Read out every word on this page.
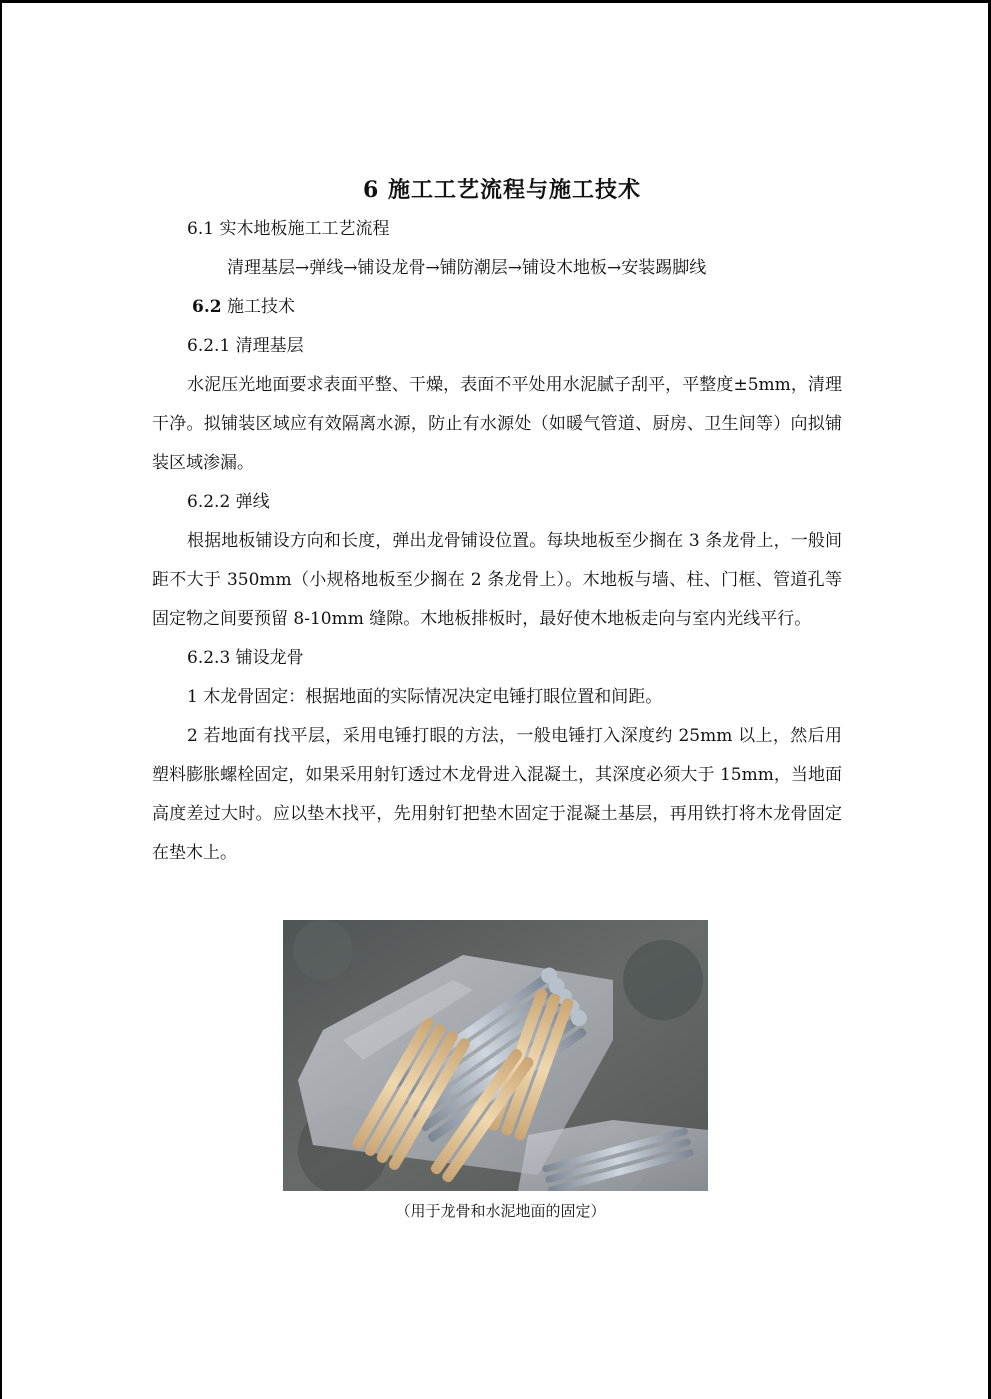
6 施工工艺流程与施工技术

6.1 实木地板施工工艺流程

清理基层→弹线→铺设龙骨→铺防潮层→铺设木地板→安装踢脚线

6.2 施工技术

6.2.1 清理基层

水泥压光地面要求表面平整、干燥，表面不平处用水泥腻子刮平，平整度±5mm，清理干净。拟铺装区域应有效隔离水源，防止有水源处（如暖气管道、厨房、卫生间等）向拟铺装区域渗漏。

6.2.2 弹线

根据地板铺设方向和长度，弹出龙骨铺设位置。每块地板至少搁在 3 条龙骨上，一般间距不大于 350mm（小规格地板至少搁在 2 条龙骨上）。木地板与墙、柱、门框、管道孔等固定物之间要预留 8-10mm 缝隙。木地板排板时，最好使木地板走向与室内光线平行。

6.2.3 铺设龙骨

1 木龙骨固定：根据地面的实际情况决定电锤打眼位置和间距。

2 若地面有找平层，采用电锤打眼的方法，一般电锤打入深度约 25mm 以上，然后用塑料膨胀螺栓固定，如果采用射钉透过木龙骨进入混凝土，其深度必须大于 15mm，当地面高度差过大时。应以垫木找平，先用射钉把垫木固定于混凝土基层，再用铁打将木龙骨固定在垫木上。

（用于龙骨和水泥地面的固定）
